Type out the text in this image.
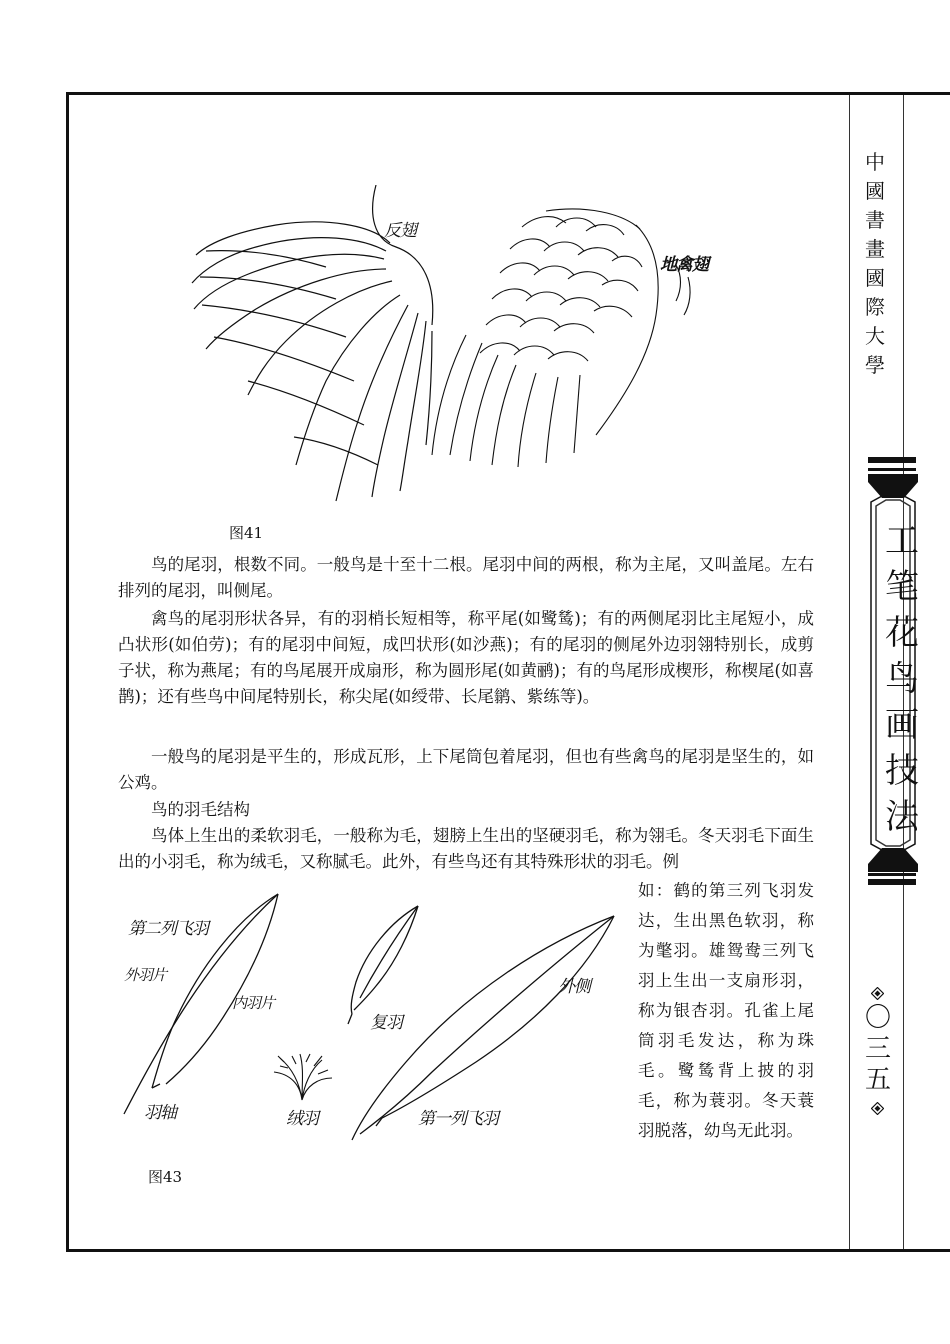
中
國
書
畫
國
際
大
學
工
笔
花
鸟
画
技
法
〇
三
五
反翅
地禽翅
图41

鸟的尾羽，根数不同。一般鸟是十至十二根。尾羽中间的两根，称为主尾，又叫盖尾。左右排列的尾羽，叫侧尾。

禽鸟的尾羽形状各异，有的羽梢长短相等，称平尾(如鹭鸶)；有的两侧尾羽比主尾短小，成凸状形(如伯劳)；有的尾羽中间短，成凹状形(如沙燕)；有的尾羽的侧尾外边羽翎特别长，成剪子状，称为燕尾；有的鸟尾展开成扇形，称为圆形尾(如黄鹂)；有的鸟尾形成楔形，称楔尾(如喜鹊)；还有些鸟中间尾特别长，称尖尾(如绶带、长尾鹟、紫练等)。

一般鸟的尾羽是平生的，形成瓦形，上下尾筒包着尾羽，但也有些禽鸟的尾羽是坚生的，如公鸡。

鸟的羽毛结构

鸟体上生出的柔软羽毛，一般称为毛，翅膀上生出的坚硬羽毛，称为翎毛。冬天羽毛下面生出的小羽毛，称为绒毛，又称腻毛。此外，有些鸟还有其特殊形状的羽毛。例

如：鹤的第三列飞羽发达，生出黑色软羽，称为氅羽。雄鸳鸯三列飞羽上生出一支扇形羽，称为银杏羽。孔雀上尾筒羽毛发达，称为珠毛。鹭鸶背上披的羽毛，称为蓑羽。冬天蓑羽脱落，幼鸟无此羽。

第二列飞羽
外羽片
内羽片
羽轴
复羽
绒羽
外侧
第一列飞羽
图43
